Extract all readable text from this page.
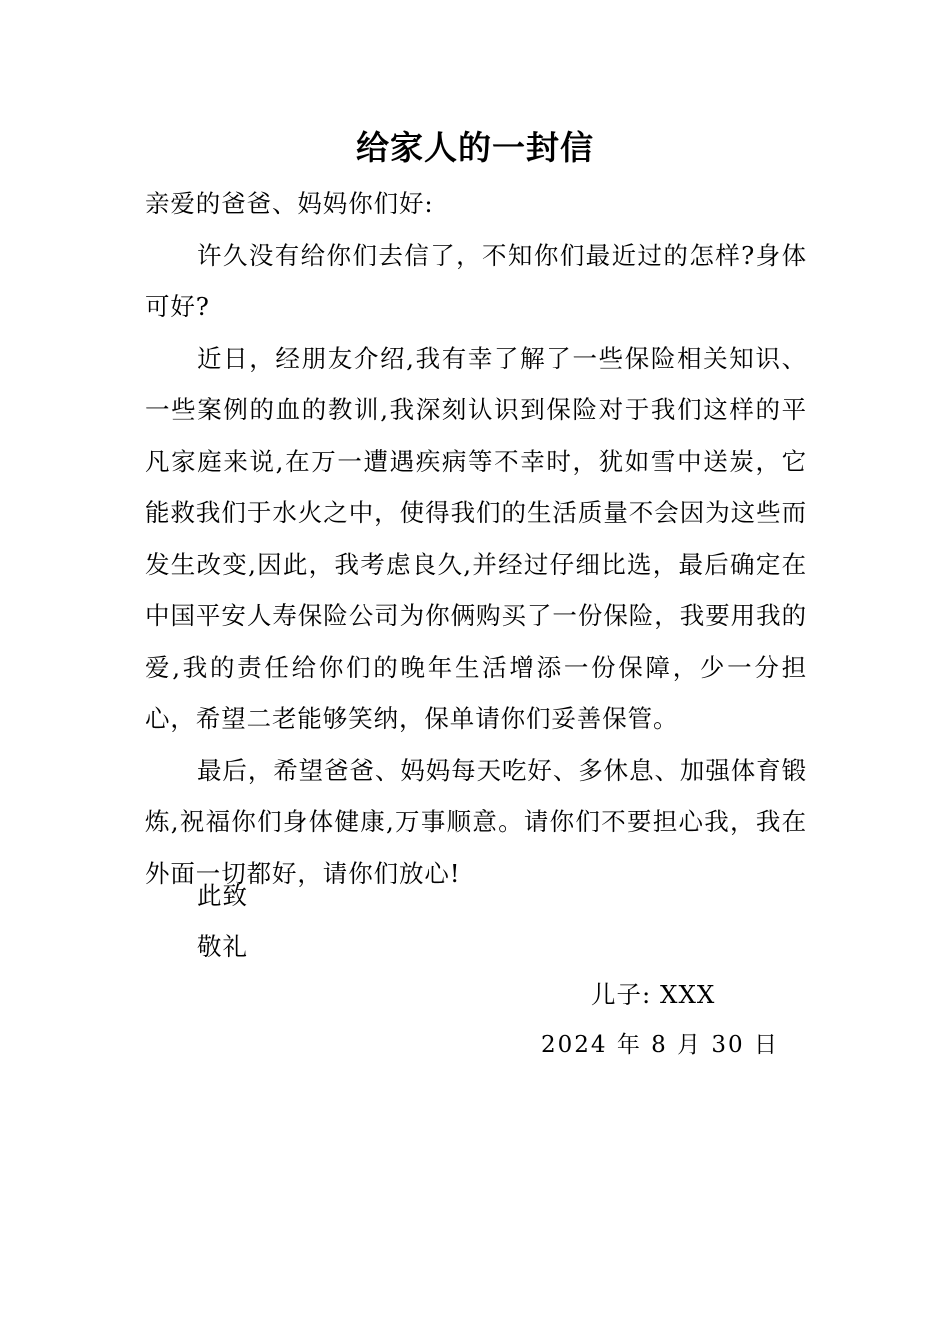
给家人的一封信

亲爱的爸爸、妈妈你们好:

许久没有给你们去信了，不知你们最近过的怎样?身体可好?

近日，经朋友介绍,我有幸了解了一些保险相关知识、一些案例的血的教训,我深刻认识到保险对于我们这样的平凡家庭来说,在万一遭遇疾病等不幸时，犹如雪中送炭，它能救我们于水火之中，使得我们的生活质量不会因为这些而发生改变,因此，我考虑良久,并经过仔细比选，最后确定在中国平安人寿保险公司为你俩购买了一份保险，我要用我的爱,我的责任给你们的晚年生活增添一份保障，少一分担心，希望二老能够笑纳，保单请你们妥善保管。

最后，希望爸爸、妈妈每天吃好、多休息、加强体育锻炼,祝福你们身体健康,万事顺意。请你们不要担心我，我在外面一切都好，请你们放心!

此致
敬礼
儿子: XXX
2024 年 8 月 30 日
